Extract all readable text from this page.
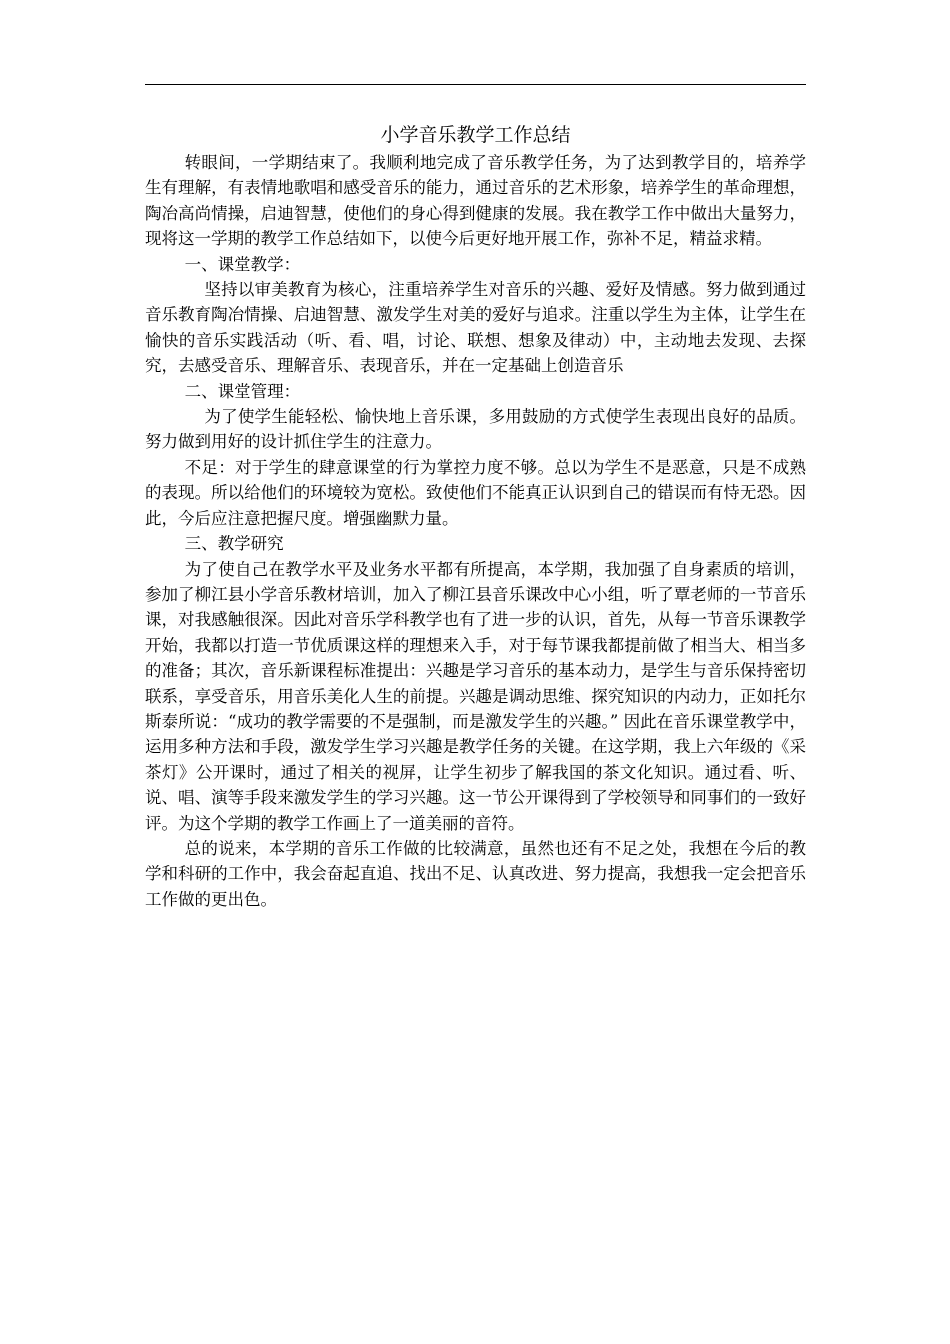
小学音乐教学工作总结

转眼间，一学期结束了。我顺利地完成了音乐教学任务，为了达到教学目的，培养学生有理解，有表情地歌唱和感受音乐的能力，通过音乐的艺术形象，培养学生的革命理想，陶冶高尚情操，启迪智慧，使他们的身心得到健康的发展。我在教学工作中做出大量努力，现将这一学期的教学工作总结如下，以使今后更好地开展工作，弥补不足，精益求精。

一、课堂教学：

坚持以审美教育为核心，注重培养学生对音乐的兴趣、爱好及情感。努力做到通过音乐教育陶冶情操、启迪智慧、激发学生对美的爱好与追求。注重以学生为主体，让学生在愉快的音乐实践活动（听、看、唱，讨论、联想、想象及律动）中，主动地去发现、去探究，去感受音乐、理解音乐、表现音乐，并在一定基础上创造音乐

二、课堂管理：

为了使学生能轻松、愉快地上音乐课，多用鼓励的方式使学生表现出良好的品质。努力做到用好的设计抓住学生的注意力。

不足：对于学生的肆意课堂的行为掌控力度不够。总以为学生不是恶意，只是不成熟的表现。所以给他们的环境较为宽松。致使他们不能真正认识到自己的错误而有恃无恐。因此，今后应注意把握尺度。增强幽默力量。

三、教学研究

为了使自己在教学水平及业务水平都有所提高，本学期，我加强了自身素质的培训，参加了柳江县小学音乐教材培训，加入了柳江县音乐课改中心小组，听了覃老师的一节音乐课，对我感触很深。因此对音乐学科教学也有了进一步的认识，首先，从每一节音乐课教学开始，我都以打造一节优质课这样的理想来入手，对于每节课我都提前做了相当大、相当多的准备；其次，音乐新课程标准提出：兴趣是学习音乐的基本动力，是学生与音乐保持密切联系，享受音乐，用音乐美化人生的前提。兴趣是调动思维、探究知识的内动力，正如托尔斯泰所说：“成功的教学需要的不是强制，而是激发学生的兴趣。” 因此在音乐课堂教学中，运用多种方法和手段，激发学生学习兴趣是教学任务的关键。在这学期，我上六年级的《采茶灯》公开课时，通过了相关的视屏，让学生初步了解我国的茶文化知识。通过看、听、说、唱、演等手段来激发学生的学习兴趣。这一节公开课得到了学校领导和同事们的一致好评。为这个学期的教学工作画上了一道美丽的音符。

总的说来，本学期的音乐工作做的比较满意，虽然也还有不足之处，我想在今后的教学和科研的工作中，我会奋起直追、找出不足、认真改进、努力提高，我想我一定会把音乐工作做的更出色。
